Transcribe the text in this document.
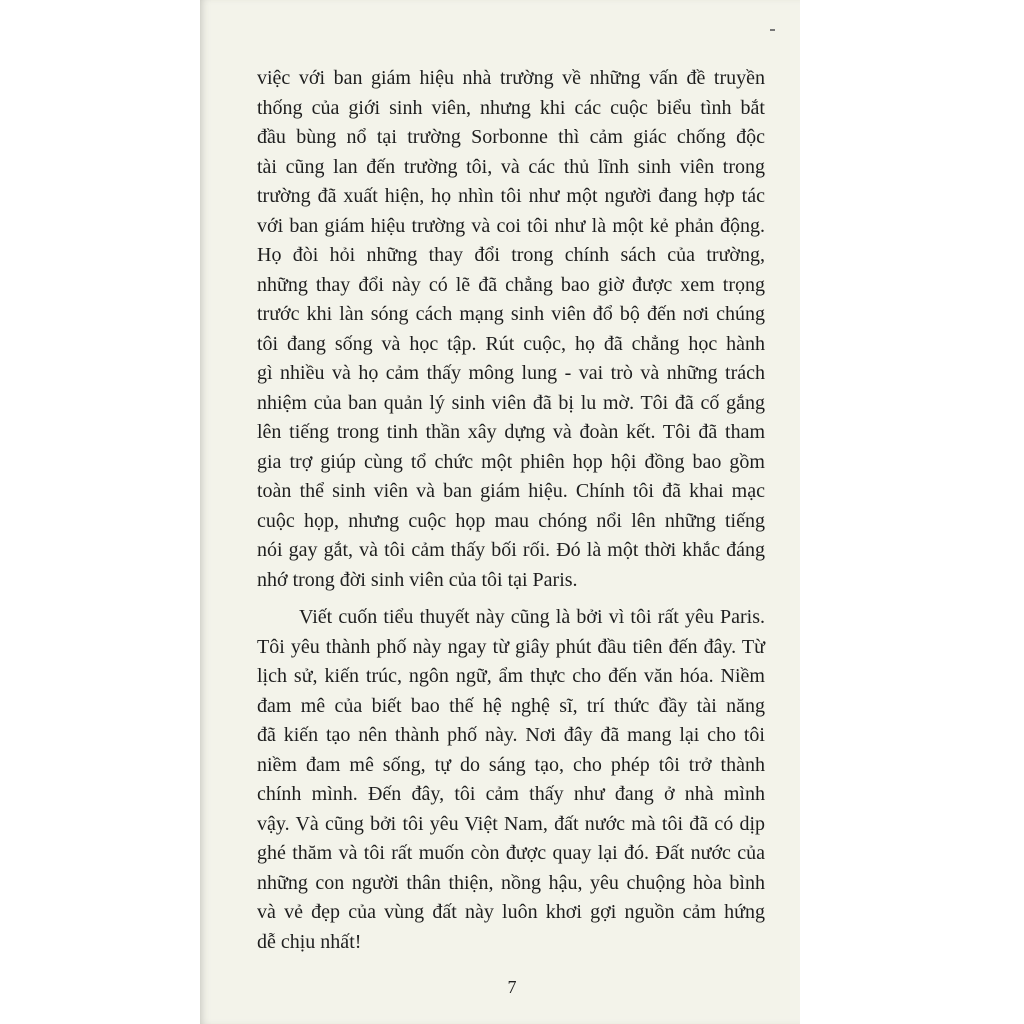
việc với ban giám hiệu nhà trường về những vấn đề truyền

thống của giới sinh viên, nhưng khi các cuộc biểu tình bắt

đầu bùng nổ tại trường Sorbonne thì cảm giác chống độc

tài cũng lan đến trường tôi, và các thủ lĩnh sinh viên trong

trường đã xuất hiện, họ nhìn tôi như một người đang hợp tác

với ban giám hiệu trường và coi tôi như là một kẻ phản động.

Họ đòi hỏi những thay đổi trong chính sách của trường,

những thay đổi này có lẽ đã chẳng bao giờ được xem trọng

trước khi làn sóng cách mạng sinh viên đổ bộ đến nơi chúng

tôi đang sống và học tập. Rút cuộc, họ đã chẳng học hành

gì nhiều và họ cảm thấy mông lung - vai trò và những trách

nhiệm của ban quản lý sinh viên đã bị lu mờ. Tôi đã cố gắng

lên tiếng trong tinh thần xây dựng và đoàn kết. Tôi đã tham

gia trợ giúp cùng tổ chức một phiên họp hội đồng bao gồm

toàn thể sinh viên và ban giám hiệu. Chính tôi đã khai mạc

cuộc họp, nhưng cuộc họp mau chóng nổi lên những tiếng

nói gay gắt, và tôi cảm thấy bối rối. Đó là một thời khắc đáng

nhớ trong đời sinh viên của tôi tại Paris.

Viết cuốn tiểu thuyết này cũng là bởi vì tôi rất yêu Paris.

Tôi yêu thành phố này ngay từ giây phút đầu tiên đến đây. Từ

lịch sử, kiến trúc, ngôn ngữ, ẩm thực cho đến văn hóa. Niềm

đam mê của biết bao thế hệ nghệ sĩ, trí thức đầy tài năng

đã kiến tạo nên thành phố này. Nơi đây đã mang lại cho tôi

niềm đam mê sống, tự do sáng tạo, cho phép tôi trở thành

chính mình. Đến đây, tôi cảm thấy như đang ở nhà mình

vậy. Và cũng bởi tôi yêu Việt Nam, đất nước mà tôi đã có dịp

ghé thăm và tôi rất muốn còn được quay lại đó. Đất nước của

những con người thân thiện, nồng hậu, yêu chuộng hòa bình

và vẻ đẹp của vùng đất này luôn khơi gợi nguồn cảm hứng

dễ chịu nhất!

7
